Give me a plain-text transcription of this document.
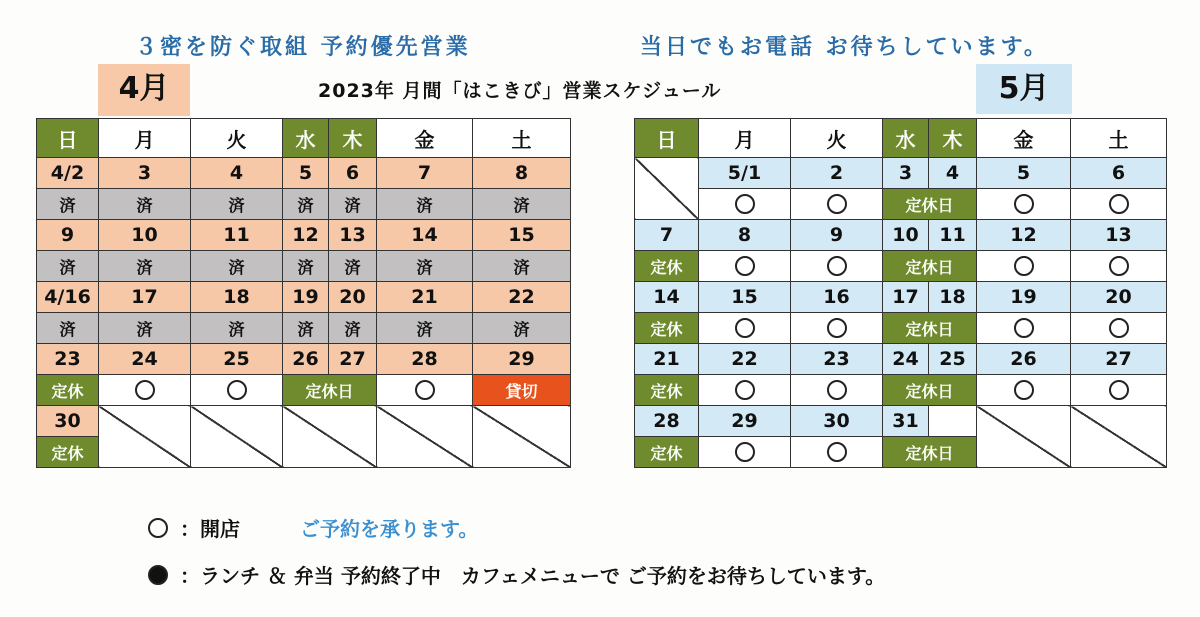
３密を防ぐ取組 予約優先営業	当日でもお電話 お待ちしています。
4月	2023年 月間「はこきび」営業スケジュール	5月
日	月	火	水	木	金	土
4/2	3	4	5	6	7	8
済	済	済	済	済	済	済
9	10	11	12	13	14	15
済	済	済	済	済	済	済
4/16	17	18	19	20	21	22
済	済	済	済	済	済	済
23	24	25	26	27	28	29
定休			定休日			貸切
30						
定休						
日	月	火	水	木	金	土
	5/1	2	3	4	5	6
			定休日			
7	8	9	10	11	12	13
定休			定休日			
14	15	16	17	18	19	20
定休			定休日			
21	22	23	24	25	26	27
定休			定休日			
28	29	30	31			
定休			定休日			
：開店	ご予約を承ります。
：ランチ ＆ 弁当 予約終了中　カフェメニューで ご予約をお待ちしています。
